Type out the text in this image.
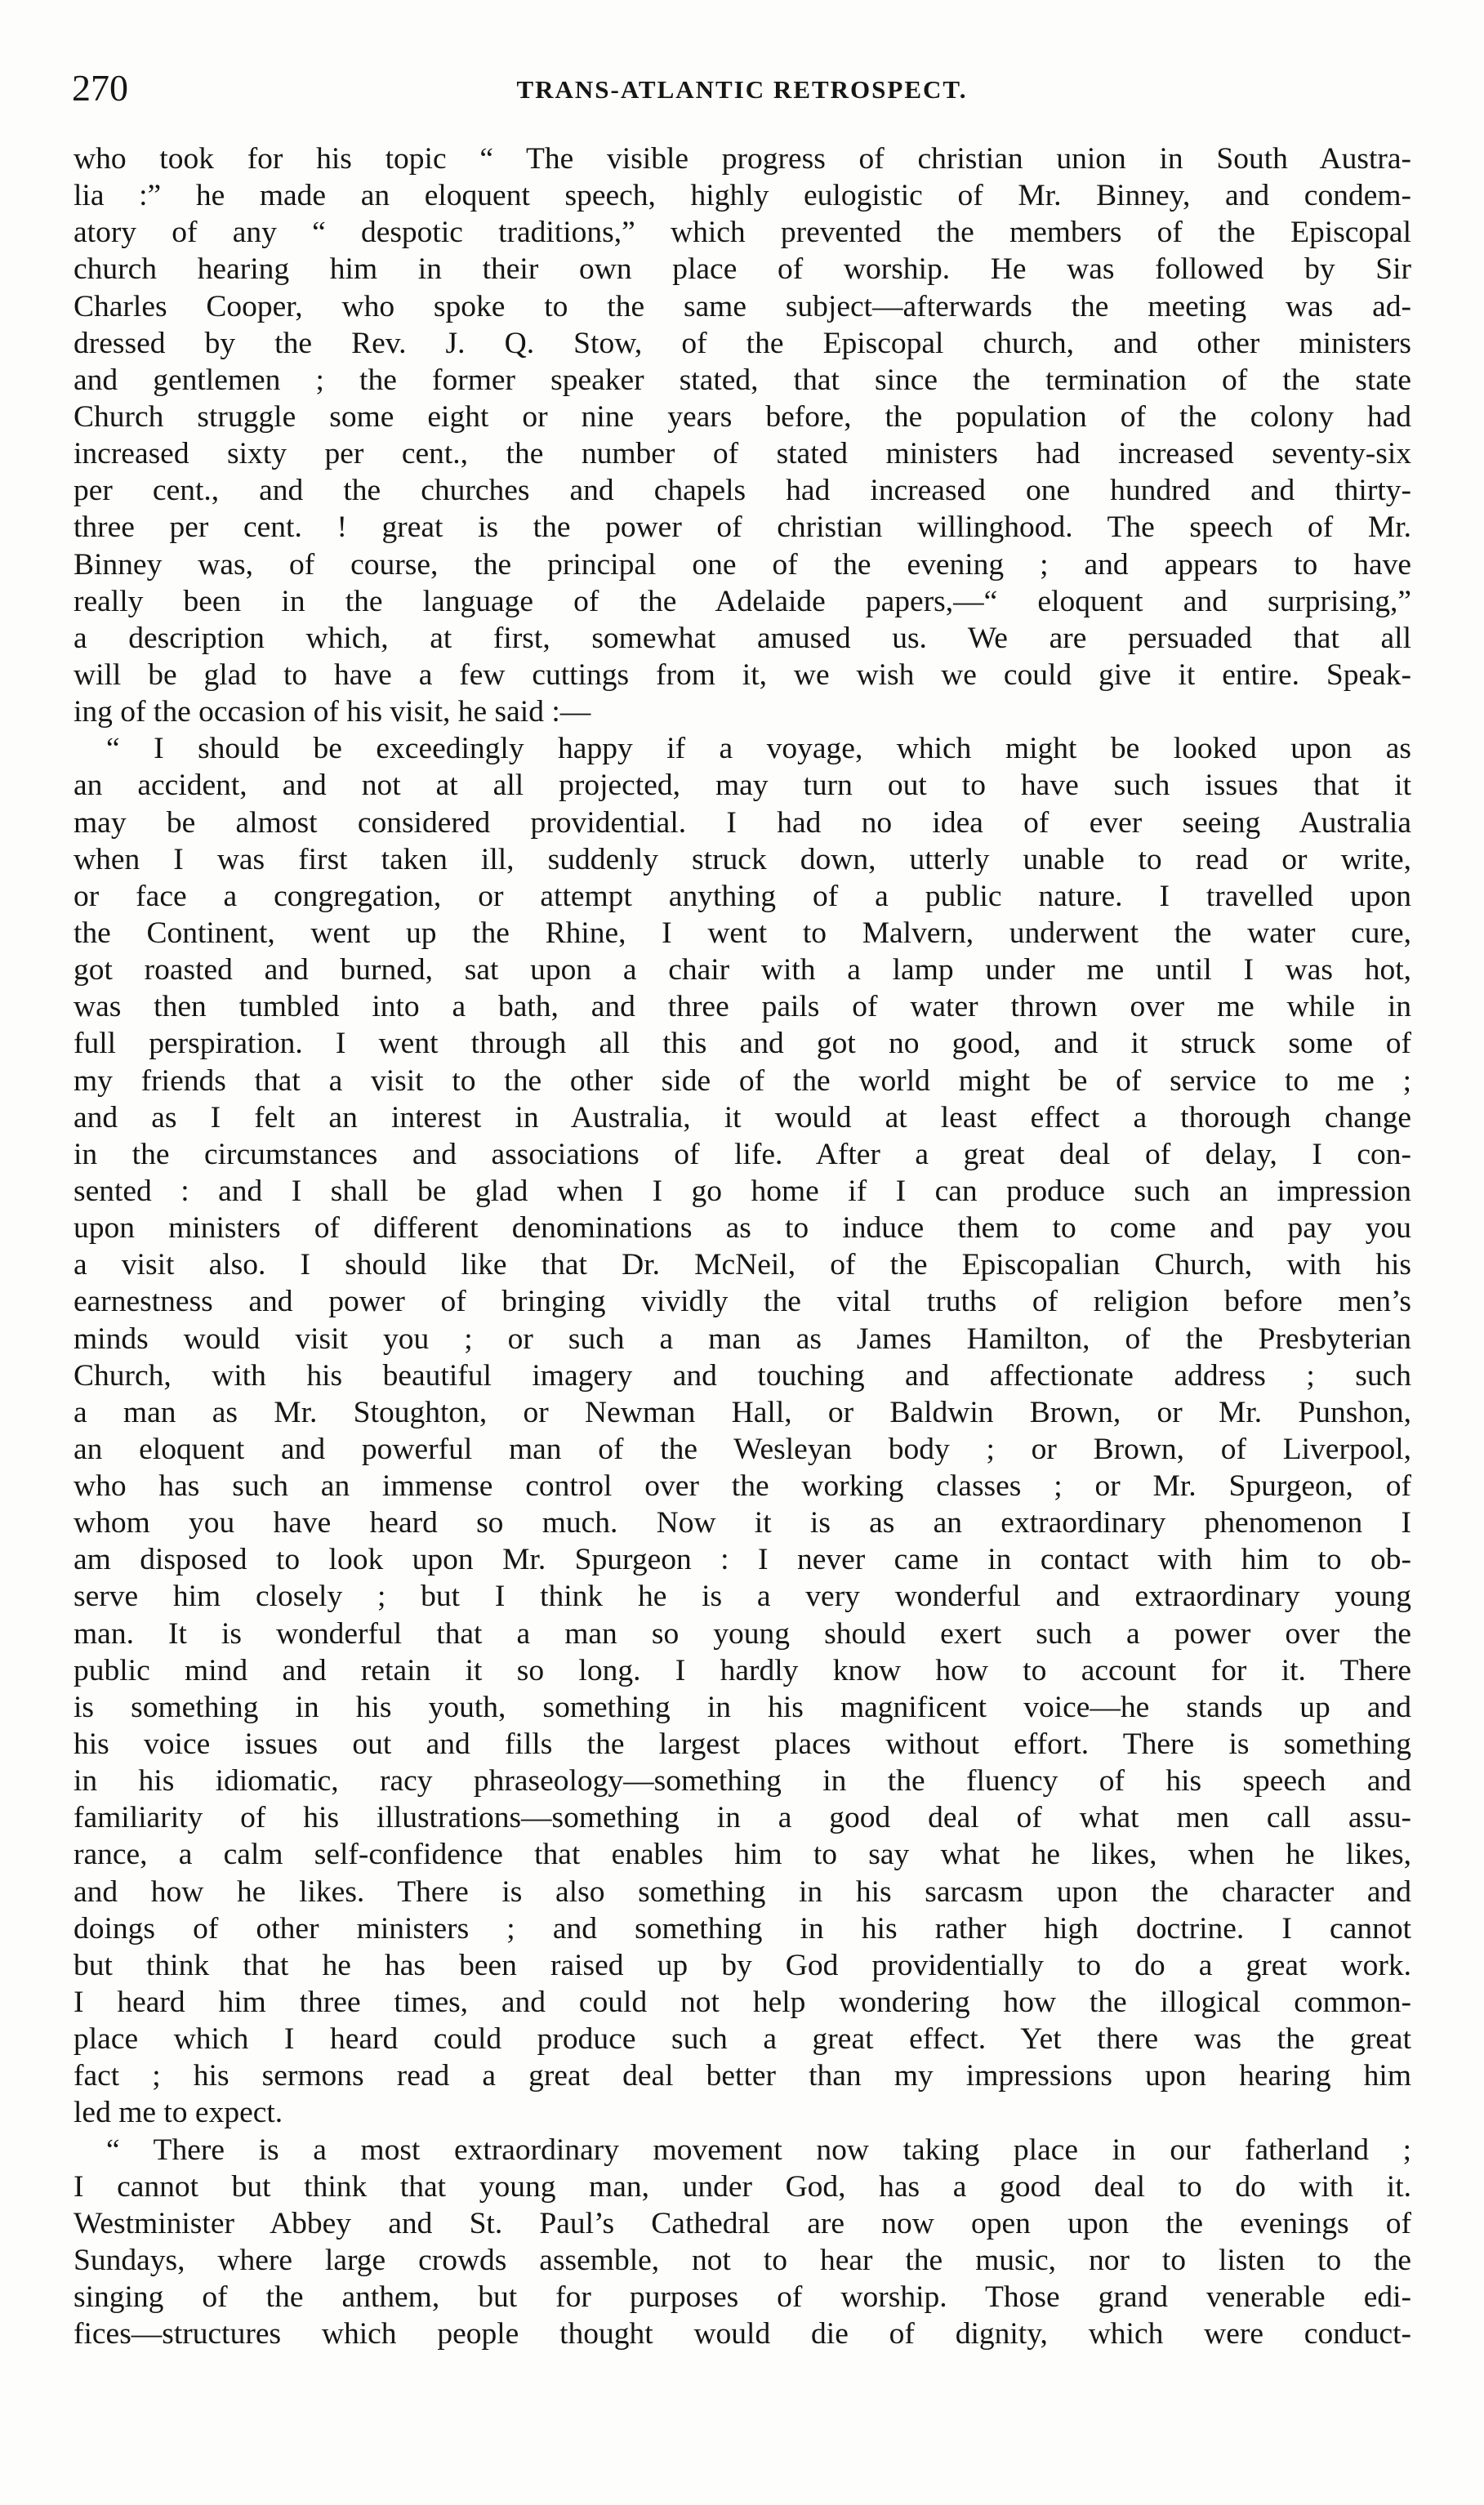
270	TRANS-ATLANTIC RETROSPECT.
who took for his topic “ The visible progress of christian union in South Austra-
lia :” he made an eloquent speech, highly eulogistic of Mr. Binney, and condem-
atory of any “ despotic traditions,” which prevented the members of the Episcopal
church hearing him in their own place of worship. He was followed by Sir
Charles Cooper, who spoke to the same subject—afterwards the meeting was ad-
dressed by the Rev. J. Q. Stow, of the Episcopal church, and other ministers
and gentlemen ; the former speaker stated, that since the termination of the state
Church struggle some eight or nine years before, the population of the colony had
increased sixty per cent., the number of stated ministers had increased seventy-six
per cent., and the churches and chapels had increased one hundred and thirty-
three per cent. ! great is the power of christian willinghood. The speech of Mr.
Binney was, of course, the principal one of the evening ; and appears to have
really been in the language of the Adelaide papers,—“ eloquent and surprising,”
a description which, at first, somewhat amused us. We are persuaded that all
will be glad to have a few cuttings from it, we wish we could give it entire. Speak-
ing of the occasion of his visit, he said :—
“ I should be exceedingly happy if a voyage, which might be looked upon as
an accident, and not at all projected, may turn out to have such issues that it
may be almost considered providential. I had no idea of ever seeing Australia
when I was first taken ill, suddenly struck down, utterly unable to read or write,
or face a congregation, or attempt anything of a public nature. I travelled upon
the Continent, went up the Rhine, I went to Malvern, underwent the water cure,
got roasted and burned, sat upon a chair with a lamp under me until I was hot,
was then tumbled into a bath, and three pails of water thrown over me while in
full perspiration. I went through all this and got no good, and it struck some of
my friends that a visit to the other side of the world might be of service to me ;
and as I felt an interest in Australia, it would at least effect a thorough change
in the circumstances and associations of life. After a great deal of delay, I con-
sented : and I shall be glad when I go home if I can produce such an impression
upon ministers of different denominations as to induce them to come and pay you
a visit also. I should like that Dr. McNeil, of the Episcopalian Church, with his
earnestness and power of bringing vividly the vital truths of religion before men’s
minds would visit you ; or such a man as James Hamilton, of the Presbyterian
Church, with his beautiful imagery and touching and affectionate address ; such
a man as Mr. Stoughton, or Newman Hall, or Baldwin Brown, or Mr. Punshon,
an eloquent and powerful man of the Wesleyan body ; or Brown, of Liverpool,
who has such an immense control over the working classes ; or Mr. Spurgeon, of
whom you have heard so much. Now it is as an extraordinary phenomenon I
am disposed to look upon Mr. Spurgeon : I never came in contact with him to ob-
serve him closely ; but I think he is a very wonderful and extraordinary young
man. It is wonderful that a man so young should exert such a power over the
public mind and retain it so long. I hardly know how to account for it. There
is something in his youth, something in his magnificent voice—he stands up and
his voice issues out and fills the largest places without effort. There is something
in his idiomatic, racy phraseology—something in the fluency of his speech and
familiarity of his illustrations—something in a good deal of what men call assu-
rance, a calm self-confidence that enables him to say what he likes, when he likes,
and how he likes. There is also something in his sarcasm upon the character and
doings of other ministers ; and something in his rather high doctrine. I cannot
but think that he has been raised up by God providentially to do a great work.
I heard him three times, and could not help wondering how the illogical common-
place which I heard could produce such a great effect. Yet there was the great
fact ; his sermons read a great deal better than my impressions upon hearing him
led me to expect.
“ There is a most extraordinary movement now taking place in our fatherland ;
I cannot but think that young man, under God, has a good deal to do with it.
Westminister Abbey and St. Paul’s Cathedral are now open upon the evenings of
Sundays, where large crowds assemble, not to hear the music, nor to listen to the
singing of the anthem, but for purposes of worship. Those grand venerable edi-
fices—structures which people thought would die of dignity, which were conduct-
